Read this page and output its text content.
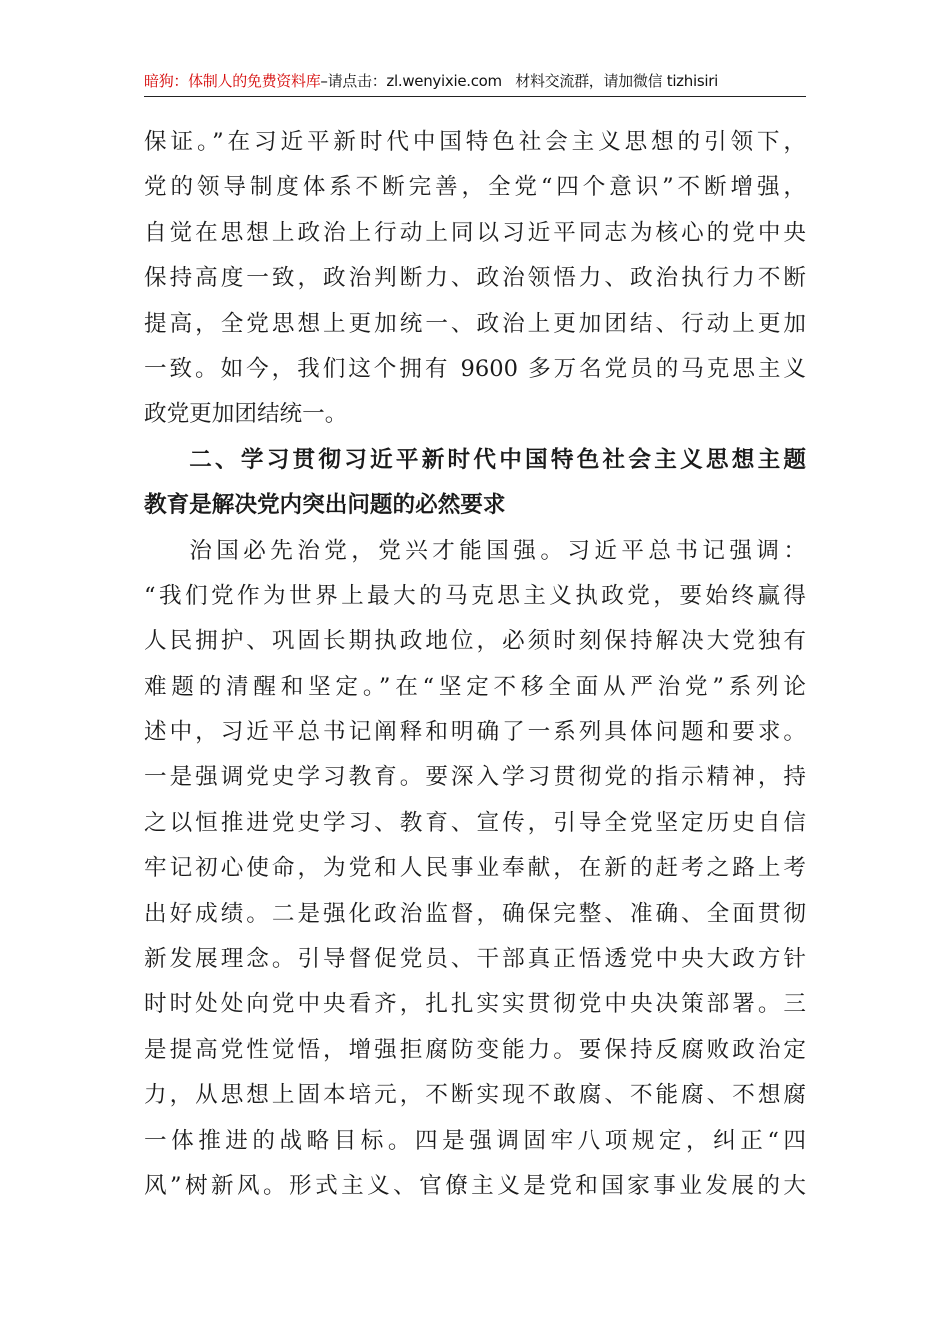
暗狗：体制人的免费资料库–请点击：zl.wenyixie.com 材料交流群，请加微信 tizhisiri
保证。”在习近平新时代中国特色社会主义思想的引领下，
党的领导制度体系不断完善，全党“四个意识”不断增强，
自觉在思想上政治上行动上同以习近平同志为核心的党中央
保持高度一致，政治判断力、政治领悟力、政治执行力不断
提高，全党思想上更加统一、政治上更加团结、行动上更加
一致。如今，我们这个拥有 9600 多万名党员的马克思主义
政党更加团结统一。
二、学习贯彻习近平新时代中国特色社会主义思想主题
教育是解决党内突出问题的必然要求
治国必先治党，党兴才能国强。习近平总书记强调：
“我们党作为世界上最大的马克思主义执政党，要始终赢得
人民拥护、巩固长期执政地位，必须时刻保持解决大党独有
难题的清醒和坚定。”在“坚定不移全面从严治党”系列论
述中，习近平总书记阐释和明确了一系列具体问题和要求。
一是强调党史学习教育。要深入学习贯彻党的指示精神，持
之以恒推进党史学习、教育、宣传，引导全党坚定历史自信
牢记初心使命，为党和人民事业奉献，在新的赶考之路上考
出好成绩。二是强化政治监督，确保完整、准确、全面贯彻
新发展理念。引导督促党员、干部真正悟透党中央大政方针
时时处处向党中央看齐，扎扎实实贯彻党中央决策部署。三
是提高党性觉悟，增强拒腐防变能力。要保持反腐败政治定
力，从思想上固本培元，不断实现不敢腐、不能腐、不想腐
一体推进的战略目标。四是强调固牢八项规定，纠正“四
风”树新风。形式主义、官僚主义是党和国家事业发展的大
